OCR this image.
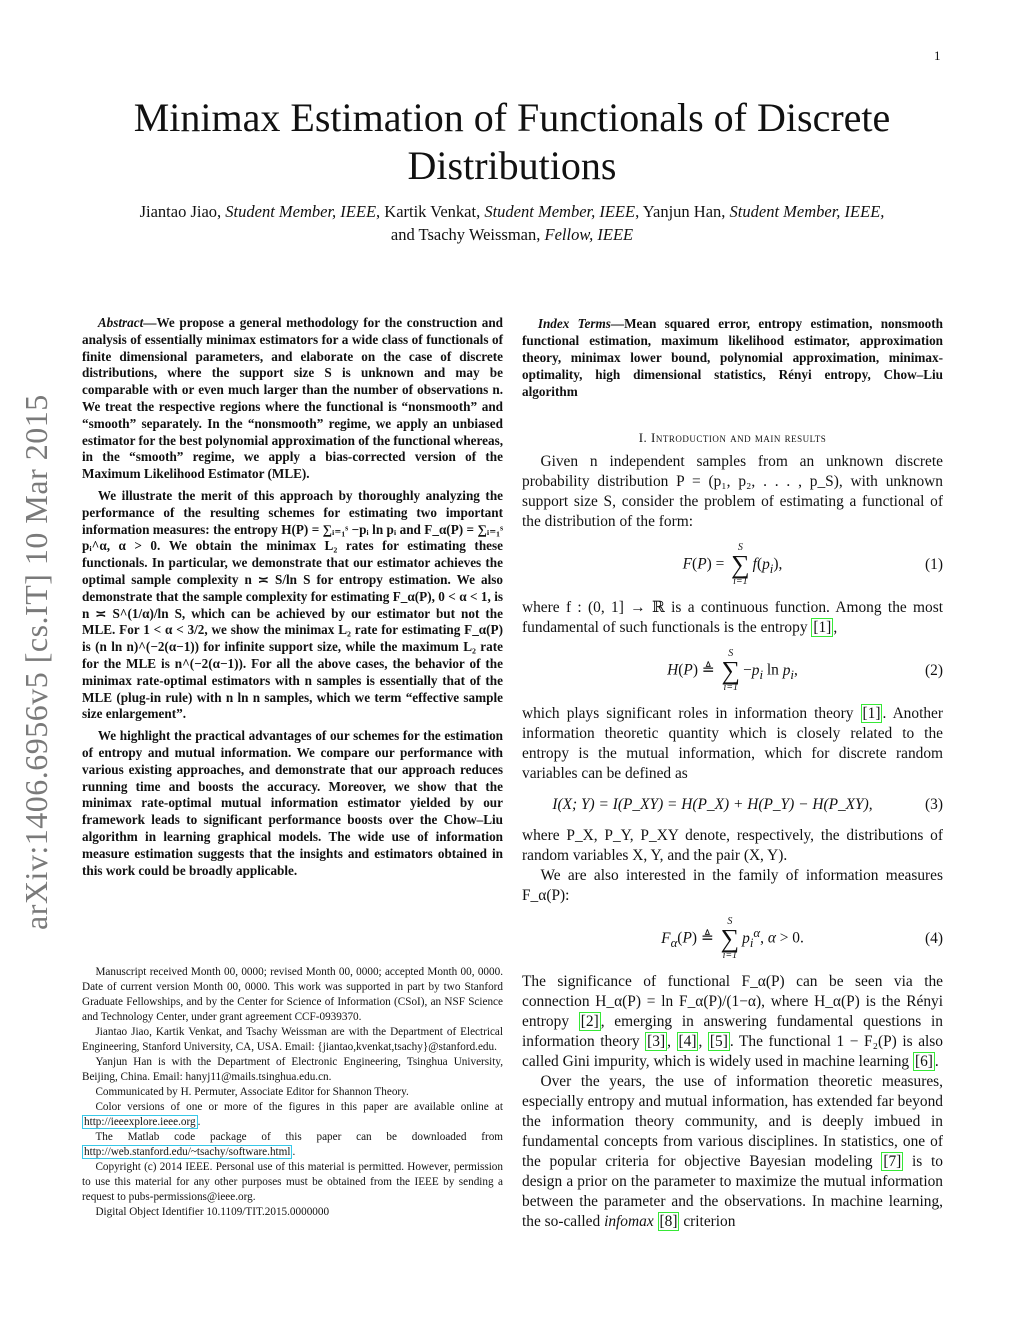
1
arXiv:1406.6956v5 [cs.IT] 10 Mar 2015
Minimax Estimation of Functionals of Discrete Distributions
Jiantao Jiao, Student Member, IEEE, Kartik Venkat, Student Member, IEEE, Yanjun Han, Student Member, IEEE,
and Tsachy Weissman, Fellow, IEEE

Abstract—We propose a general methodology for the construction and analysis of essentially minimax estimators for a wide class of functionals of finite dimensional parameters, and elaborate on the case of discrete distributions, where the support size S is unknown and may be comparable with or even much larger than the number of observations n. We treat the respective regions where the functional is “nonsmooth” and “smooth” separately. In the “nonsmooth” regime, we apply an unbiased estimator for the best polynomial approximation of the functional whereas, in the “smooth” regime, we apply a bias-corrected version of the Maximum Likelihood Estimator (MLE).

We illustrate the merit of this approach by thoroughly analyzing the performance of the resulting schemes for estimating two important information measures: the entropy H(P) = ∑ᵢ₌₁ˢ −pᵢ ln pᵢ and F_α(P) = ∑ᵢ₌₁ˢ pᵢ^α, α > 0. We obtain the minimax L₂ rates for estimating these functionals. In particular, we demonstrate that our estimator achieves the optimal sample complexity n ≍ S/ln S for entropy estimation. We also demonstrate that the sample complexity for estimating F_α(P), 0 < α < 1, is n ≍ S^(1/α)/ln S, which can be achieved by our estimator but not the MLE. For 1 < α < 3/2, we show the minimax L₂ rate for estimating F_α(P) is (n ln n)^(−2(α−1)) for infinite support size, while the maximum L₂ rate for the MLE is n^(−2(α−1)). For all the above cases, the behavior of the minimax rate-optimal estimators with n samples is essentially that of the MLE (plug-in rule) with n ln n samples, which we term “effective sample size enlargement”.

We highlight the practical advantages of our schemes for the estimation of entropy and mutual information. We compare our performance with various existing approaches, and demonstrate that our approach reduces running time and boosts the accuracy. Moreover, we show that the minimax rate-optimal mutual information estimator yielded by our framework leads to significant performance boosts over the Chow–Liu algorithm in learning graphical models. The wide use of information measure estimation suggests that the insights and estimators obtained in this work could be broadly applicable.

Manuscript received Month 00, 0000; revised Month 00, 0000; accepted Month 00, 0000. Date of current version Month 00, 0000. This work was supported in part by two Stanford Graduate Fellowships, and by the Center for Science of Information (CSoI), an NSF Science and Technology Center, under grant agreement CCF-0939370.

Jiantao Jiao, Kartik Venkat, and Tsachy Weissman are with the Department of Electrical Engineering, Stanford University, CA, USA. Email: {jiantao,kvenkat,tsachy}@stanford.edu.

Yanjun Han is with the Department of Electronic Engineering, Tsinghua University, Beijing, China. Email: hanyj11@mails.tsinghua.edu.cn.

Communicated by H. Permuter, Associate Editor for Shannon Theory.

Color versions of one or more of the figures in this paper are available online at http://ieeexplore.ieee.org .

The Matlab code package of this paper can be downloaded from http://web.stanford.edu/~tsachy/software.html .

Copyright (c) 2014 IEEE. Personal use of this material is permitted. However, permission to use this material for any other purposes must be obtained from the IEEE by sending a request to pubs-permissions@ieee.org.

Digital Object Identifier 10.1109/TIT.2015.0000000

Index Terms—Mean squared error, entropy estimation, nonsmooth functional estimation, maximum likelihood estimator, approximation theory, minimax lower bound, polynomial approximation, minimax-optimality, high dimensional statistics, Rényi entropy, Chow–Liu algorithm

I. Introduction and main results

Given n independent samples from an unknown discrete probability distribution P = (p₁, p₂, . . . , p_S), with unknown support size S, consider the problem of estimating a functional of the distribution of the form:

F(P) =
S
∑
i=1
$f(p_i)$,	(1)

where f : (0, 1] → ℝ is a continuous function. Among the most fundamental of such functionals is the entropy [1] ,

H(P) ≜
S
∑
i=1
$-p_i$ $\ln p_i$,	(2)

which plays significant roles in information theory [1] . Another information theoretic quantity which is closely related to the entropy is the mutual information, which for discrete random variables can be defined as

I(X; Y) = I(P_XY) = H(P_X) + H(P_Y) − H(P_XY),	(3)

where P_X, P_Y, P_XY denote, respectively, the distributions of random variables X, Y, and the pair (X, Y).

We are also interested in the family of information measures F_α(P):

$F_\alpha(P)$ ≜
S
∑
i=1
$p_i^\alpha$, α > 0.	(4)

The significance of functional F_α(P) can be seen via the connection H_α(P) = ln F_α(P)/(1−α), where H_α(P) is the Rényi entropy [2] , emerging in answering fundamental questions in information theory [3] , [4] , [5] . The functional 1 − F₂(P) is also called Gini impurity, which is widely used in machine learning [6] .

Over the years, the use of information theoretic measures, especially entropy and mutual information, has extended far beyond the information theory community, and is deeply imbued in fundamental concepts from various disciplines. In statistics, one of the popular criteria for objective Bayesian modeling [7] is to design a prior on the parameter to maximize the mutual information between the parameter and the observations. In machine learning, the so-called infomax [8] criterion
